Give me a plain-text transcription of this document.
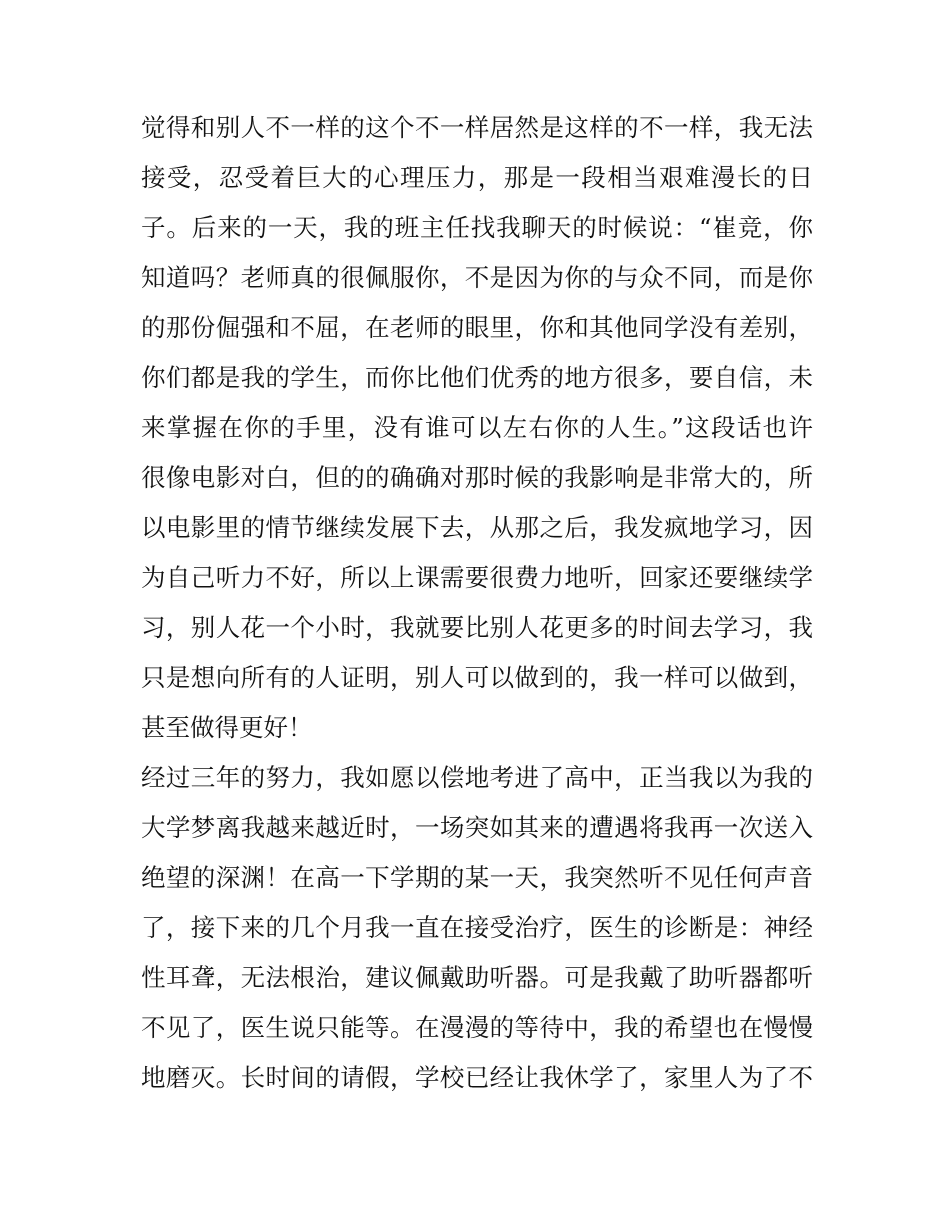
觉得和别人不一样的这个不一样居然是这样的不一样，我无法
接受，忍受着巨大的心理压力，那是一段相当艰难漫长的日
子。后来的一天，我的班主任找我聊天的时候说：“崔竞，你
知道吗？老师真的很佩服你，不是因为你的与众不同，而是你
的那份倔强和不屈，在老师的眼里，你和其他同学没有差别，
你们都是我的学生，而你比他们优秀的地方很多，要自信，未
来掌握在你的手里，没有谁可以左右你的人生。”这段话也许
很像电影对白，但的的确确对那时候的我影响是非常大的，所
以电影里的情节继续发展下去，从那之后，我发疯地学习，因
为自己听力不好，所以上课需要很费力地听，回家还要继续学
习，别人花一个小时，我就要比别人花更多的时间去学习，我
只是想向所有的人证明，别人可以做到的，我一样可以做到，
甚至做得更好！
经过三年的努力，我如愿以偿地考进了高中，正当我以为我的
大学梦离我越来越近时，一场突如其来的遭遇将我再一次送入
绝望的深渊！在高一下学期的某一天，我突然听不见任何声音
了，接下来的几个月我一直在接受治疗，医生的诊断是：神经
性耳聋，无法根治，建议佩戴助听器。可是我戴了助听器都听
不见了，医生说只能等。在漫漫的等待中，我的希望也在慢慢
地磨灭。长时间的请假，学校已经让我休学了，家里人为了不
